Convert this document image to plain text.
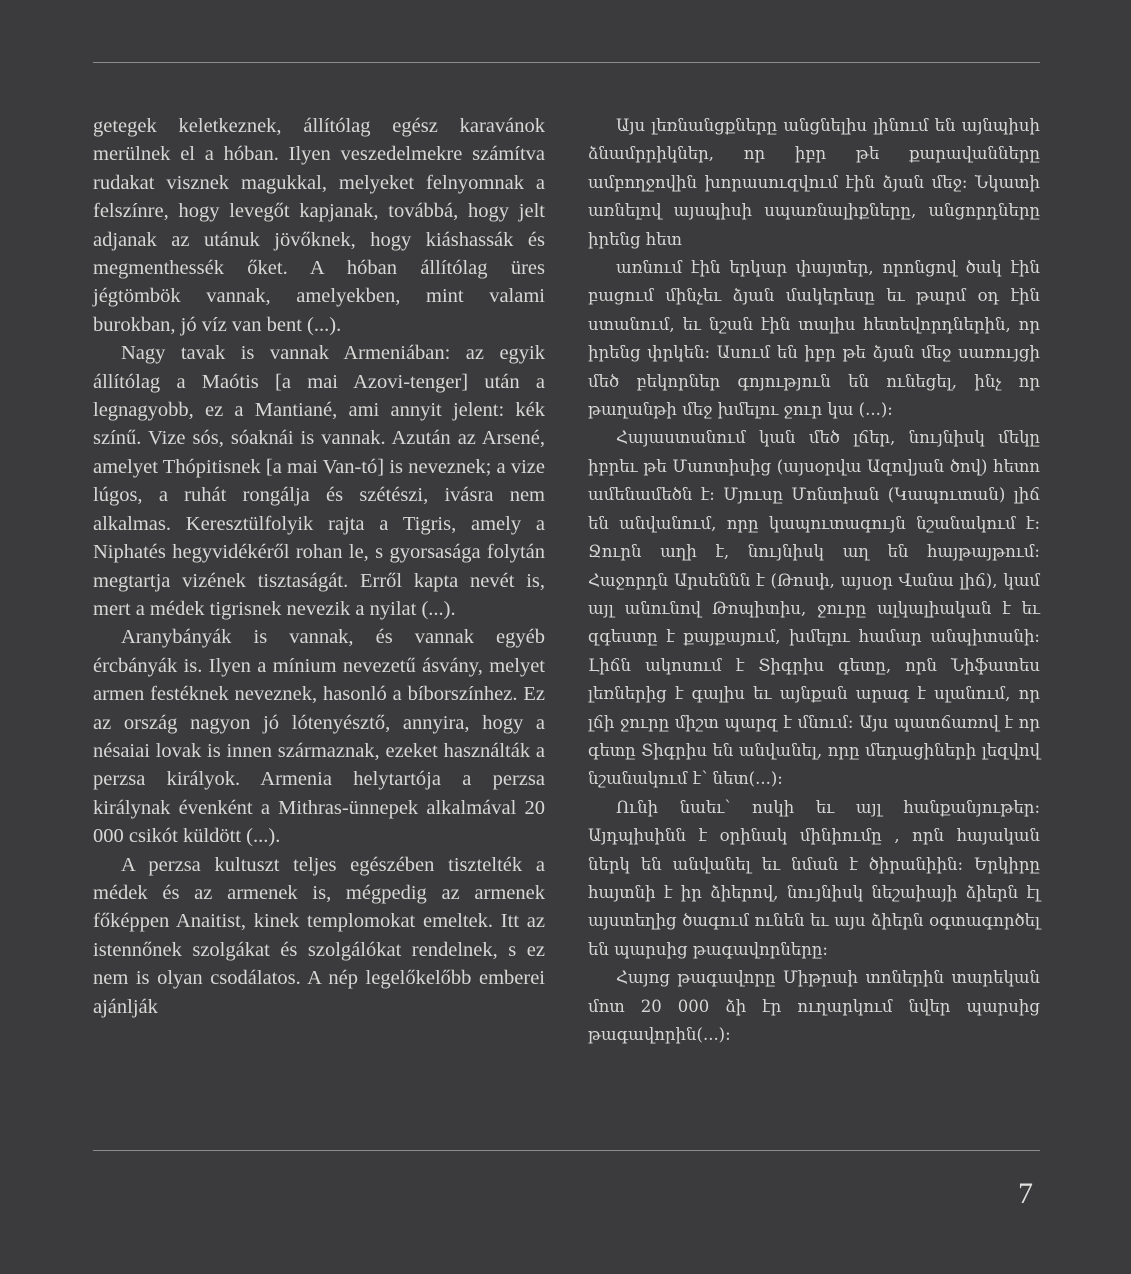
getegek keletkeznek, állítólag egész karavánok merülnek el a hóban. Ilyen veszedelmekre számítva rudakat visznek magukkal, melyeket felnyomnak a felszínre, hogy levegőt kapjanak, továbbá, hogy jelt adjanak az utánuk jövőknek, hogy kiáshassák és megmenthessék őket. A hóban állítólag üres jégtömbök vannak, amelyekben, mint valami burokban, jó víz van bent (...).

Nagy tavak is vannak Armeniában: az egyik állítólag a Maótis [a mai Azovi-tenger] után a legnagyobb, ez a Mantiané, ami annyit jelent: kék színű. Vize sós, sóaknái is vannak. Azután az Arsené, amelyet Thópitisnek [a mai Van-tó] is neveznek; a vize lúgos, a ruhát rongálja és szétészi, ivásra nem alkalmas. Keresztülfolyik rajta a Tigris, amely a Niphatés hegyvidékéről rohan le, s gyorsasága folytán megtartja vizének tisztaságát. Erről kapta nevét is, mert a médek tigrisnek nevezik a nyilat (...).

Aranybányák is vannak, és vannak egyéb ércbányák is. Ilyen a mínium nevezetű ásvány, melyet armen festéknek neveznek, hasonló a bíborszínhez. Ez az ország nagyon jó lótenyésztő, annyira, hogy a nésaiai lovak is innen származnak, ezeket használták a perzsa királyok. Armenia helytartója a perzsa királynak évenként a Mithras-ünnepek alkalmával 20 000 csikót küldött (...).

A perzsa kultuszt teljes egészében tisztelték a médek és az armenek is, mégpedig az armenek főképpen Anaitist, kinek templomokat emeltek. Itt az istennőnek szolgákat és szolgálókat rendelnek, s ez nem is olyan csodálatos. A nép legelőkelőbb emberei ajánlják

Այս լեռնանցքները անցնելիս լինում են այնպիսի ձնամրրիկներ, որ իբր թե քարավանները ամբողջովին խորասուզվում էին ձյան մեջ: Նկատի առնելով այսպիսի սպառնալիքները, անցորդները իրենց հետ

առնում էին երկար փայտեր, որոնցով ծակ էին բացում մինչեւ ձյան մակերեսը եւ թարմ օդ էին ստանում, եւ նշան էին տալիս հետեվորդներին, որ իրենց փրկեն: Ասում են իբր թե ձյան մեջ սառույցի մեծ բեկորներ գոյություն են ունեցել, ինչ որ թաղանթի մեջ խմելու ջուր կա (...):

Հայաստանում կան մեծ լճեր, նույնիսկ մեկը իբրեւ թե Մաոտիսից (այսօրվա Ազովյան ծով) հետո ամենամեծն է: Մյուսը Մոնտիան (Կապուտան) լիճ են անվանում, որը կապուտագույն նշանակում է: Ջուրն աղի է, նույնիսկ աղ են հայթայթում: Հաջորդն Արսեննն է (Թոսփ, այսօր Վանա լիճ), կամ այլ անունով Թոպիտիս, ջուրը ալկալիական է եւ զգեստը է քայքայում, խմելու համար անպիտանի: Լիճն ակոսում է Տիգրիս գետը, որն Նիֆատես լեռներից է գալիս եւ այնքան արագ է սլանում, որ լճի ջուրը միշտ պարզ է մնում: Այս պատճառով է որ գետը Տիգրիս են անվանել, որը մեդացիների լեզվով նշանակում է՝ նետ(...):

Ունի նաեւ՝ ոսկի եւ այլ հանքանյութեր: Այդպիսինն է օրինակ մինիումը , որն հայական ներկ են անվանել եւ նման է ծիրանիին: Երկիրը հայտնի է իր ձիերով, նույնիսկ նեշաիայի ձիերն էլ այստեղից ծագում ունեն եւ այս ձիերն օգտագործել են պարսից թագավորները:

Հայոց թագավորը Միթրաի տոներին տարեկան մոտ 20 000 ձի էր ուղարկում նվեր պարսից թագավորին(...):

7
